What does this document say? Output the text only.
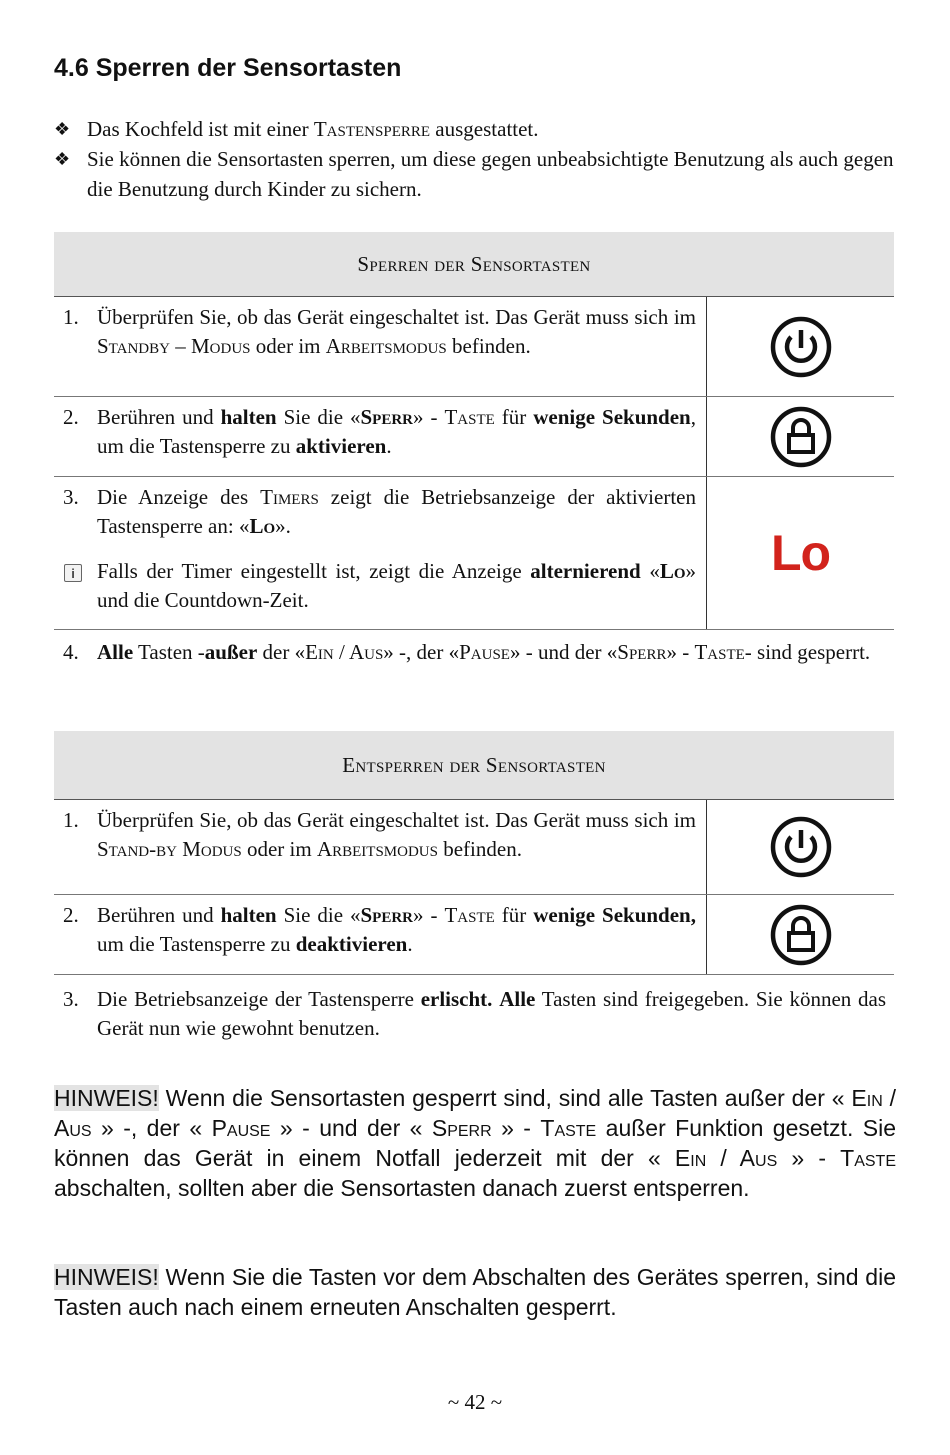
4.6 Sperren der Sensortasten
❖ Das Kochfeld ist mit einer Tastensperre ausgestattet.
❖ Sie können die Sensortasten sperren, um diese gegen unbeabsichtigte Benutzung als auch gegen die Benutzung durch Kinder zu sichern.
Sperren der Sensortasten
1. Überprüfen Sie, ob das Gerät eingeschaltet ist. Das Gerät muss sich im Standby – Modus oder im Arbeitsmodus befinden.
2. Berühren und halten Sie die «Sperr» - Taste für wenige Sekunden, um die Tastensperre zu aktivieren.
3. Die Anzeige des Timers zeigt die Betriebsanzeige der aktivierten Tastensperre an: «Lo».
i	Falls der Timer eingestellt ist, zeigt die Anzeige alternierend «Lo» und die Countdown-Zeit.
Lo
4. Alle Tasten -außer der «Ein / Aus» -, der «Pause» - und der «Sperr» - Taste- sind gesperrt.
Entsperren der Sensortasten
1. Überprüfen Sie, ob das Gerät eingeschaltet ist. Das Gerät muss sich im Stand-by Modus oder im Arbeitsmodus befinden.
2. Berühren und halten Sie die «Sperr» - Taste für wenige Sekunden, um die Tastensperre zu deaktivieren.
3. Die Betriebsanzeige der Tastensperre erlischt. Alle Tasten sind freigegeben. Sie können das Gerät nun wie gewohnt benutzen.
HINWEIS! Wenn die Sensortasten gesperrt sind, sind alle Tasten außer der « Ein / Aus » -, der « Pause » - und der « Sperr » - Taste außer Funktion gesetzt. Sie können das Gerät in einem Notfall jederzeit mit der « Ein / Aus » - Taste abschalten, sollten aber die Sensortasten danach zuerst entsperren.
HINWEIS! Wenn Sie die Tasten vor dem Abschalten des Gerätes sperren, sind die Tasten auch nach einem erneuten Anschalten gesperrt.
~ 42 ~
